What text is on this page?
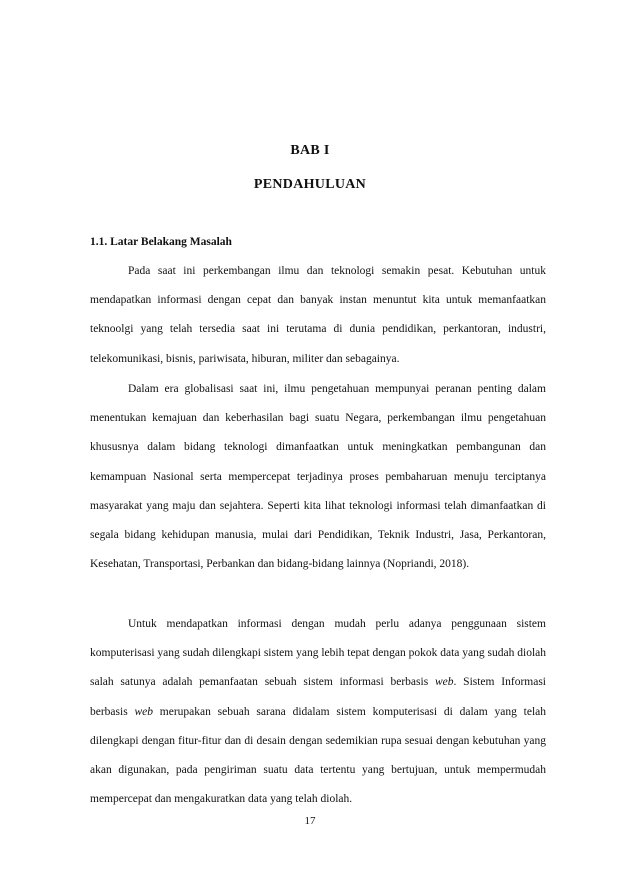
BAB I
PENDAHULUAN
1.1. Latar Belakang Masalah

Pada saat ini perkembangan ilmu dan teknologi semakin pesat. Kebutuhan untuk mendapatkan informasi dengan cepat dan banyak instan menuntut kita untuk memanfaatkan teknoolgi yang telah tersedia saat ini terutama di dunia pendidikan, perkantoran, industri, telekomunikasi, bisnis, pariwisata, hiburan, militer dan sebagainya.

Dalam era globalisasi saat ini, ilmu pengetahuan mempunyai peranan penting dalam menentukan kemajuan dan keberhasilan bagi suatu Negara, perkembangan ilmu pengetahuan khususnya dalam bidang teknologi dimanfaatkan untuk meningkatkan pembangunan dan kemampuan Nasional serta mempercepat terjadinya proses pembaharuan menuju terciptanya masyarakat yang maju dan sejahtera. Seperti kita lihat teknologi informasi telah dimanfaatkan di segala bidang kehidupan manusia, mulai dari Pendidikan, Teknik Industri, Jasa, Perkantoran, Kesehatan, Transportasi, Perbankan dan bidang-bidang lainnya (Nopriandi, 2018).

Untuk mendapatkan informasi dengan mudah perlu adanya penggunaan sistem komputerisasi yang sudah dilengkapi sistem yang lebih tepat dengan pokok data yang sudah diolah salah satunya adalah pemanfaatan sebuah sistem informasi berbasis web. Sistem Informasi berbasis web merupakan sebuah sarana didalam sistem komputerisasi di dalam yang telah dilengkapi dengan fitur-fitur dan di desain dengan sedemikian rupa sesuai dengan kebutuhan yang akan digunakan, pada pengiriman suatu data tertentu yang bertujuan, untuk mempermudah mempercepat dan mengakuratkan data yang telah diolah.

17
